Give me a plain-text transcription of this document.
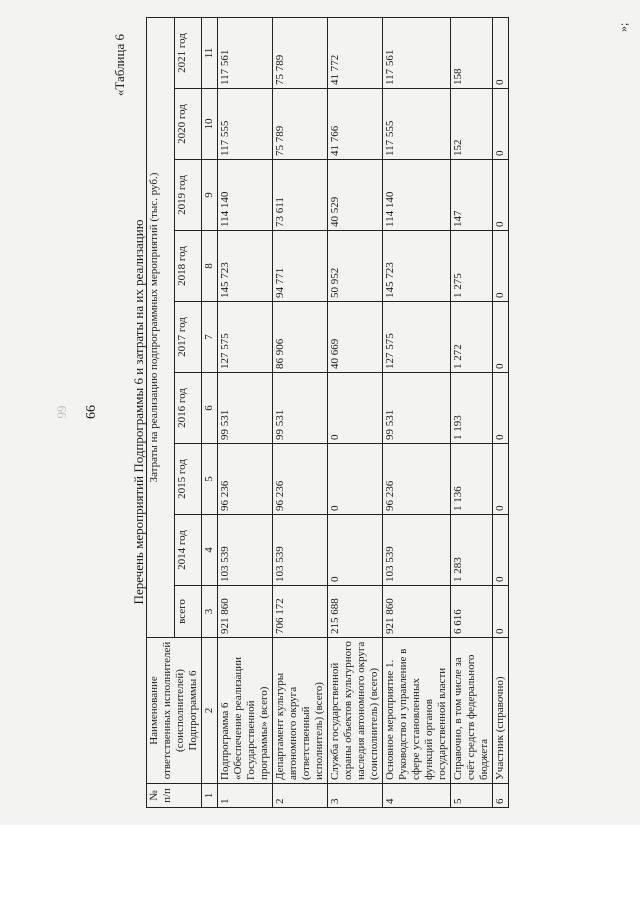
99 66
«Таблица 6
Перечень мероприятий Подпрограммы 6 и затраты на их реализацию
№ п/п	Наименование ответственных исполнителей (соисполнителей) Подпрограммы 6	Затраты на реализацию подпрограммных мероприятий (тыс. руб.)								
		всего	2014 год	2015 год	2016 год	2017 год	2018 год	2019 год	2020 год	2021 год
1	2	3	4	5	6	7	8	9	10	11
1	Подпрограмма 6 «Обеспечение реализации Государственной программы» (всего)	921 860	103 539	96 236	99 531	127 575	145 723	114 140	117 555	117 561
2	Департамент культуры автономного округа (ответственный исполнитель) (всего)	706 172	103 539	96 236	99 531	86 906	94 771	73 611	75 789	75 789
3	Служба государственной охраны объектов культурного наследия автономного округа (соисполнитель) (всего)	215 688	0	0	0	40 669	50 952	40 529	41 766	41 772
4	Основное мероприятие 1. Руководство и управление в сфере установленных функций органов государственной власти	921 860	103 539	96 236	99 531	127 575	145 723	114 140	117 555	117 561
5	Справочно, в том числе за счёт средств федерального бюджета	6 616	1 283	1 136	1 193	1 272	1 275	147	152	158
6	Участник (справочно)	0	0	0	0	0	0	0	0	0
»;
